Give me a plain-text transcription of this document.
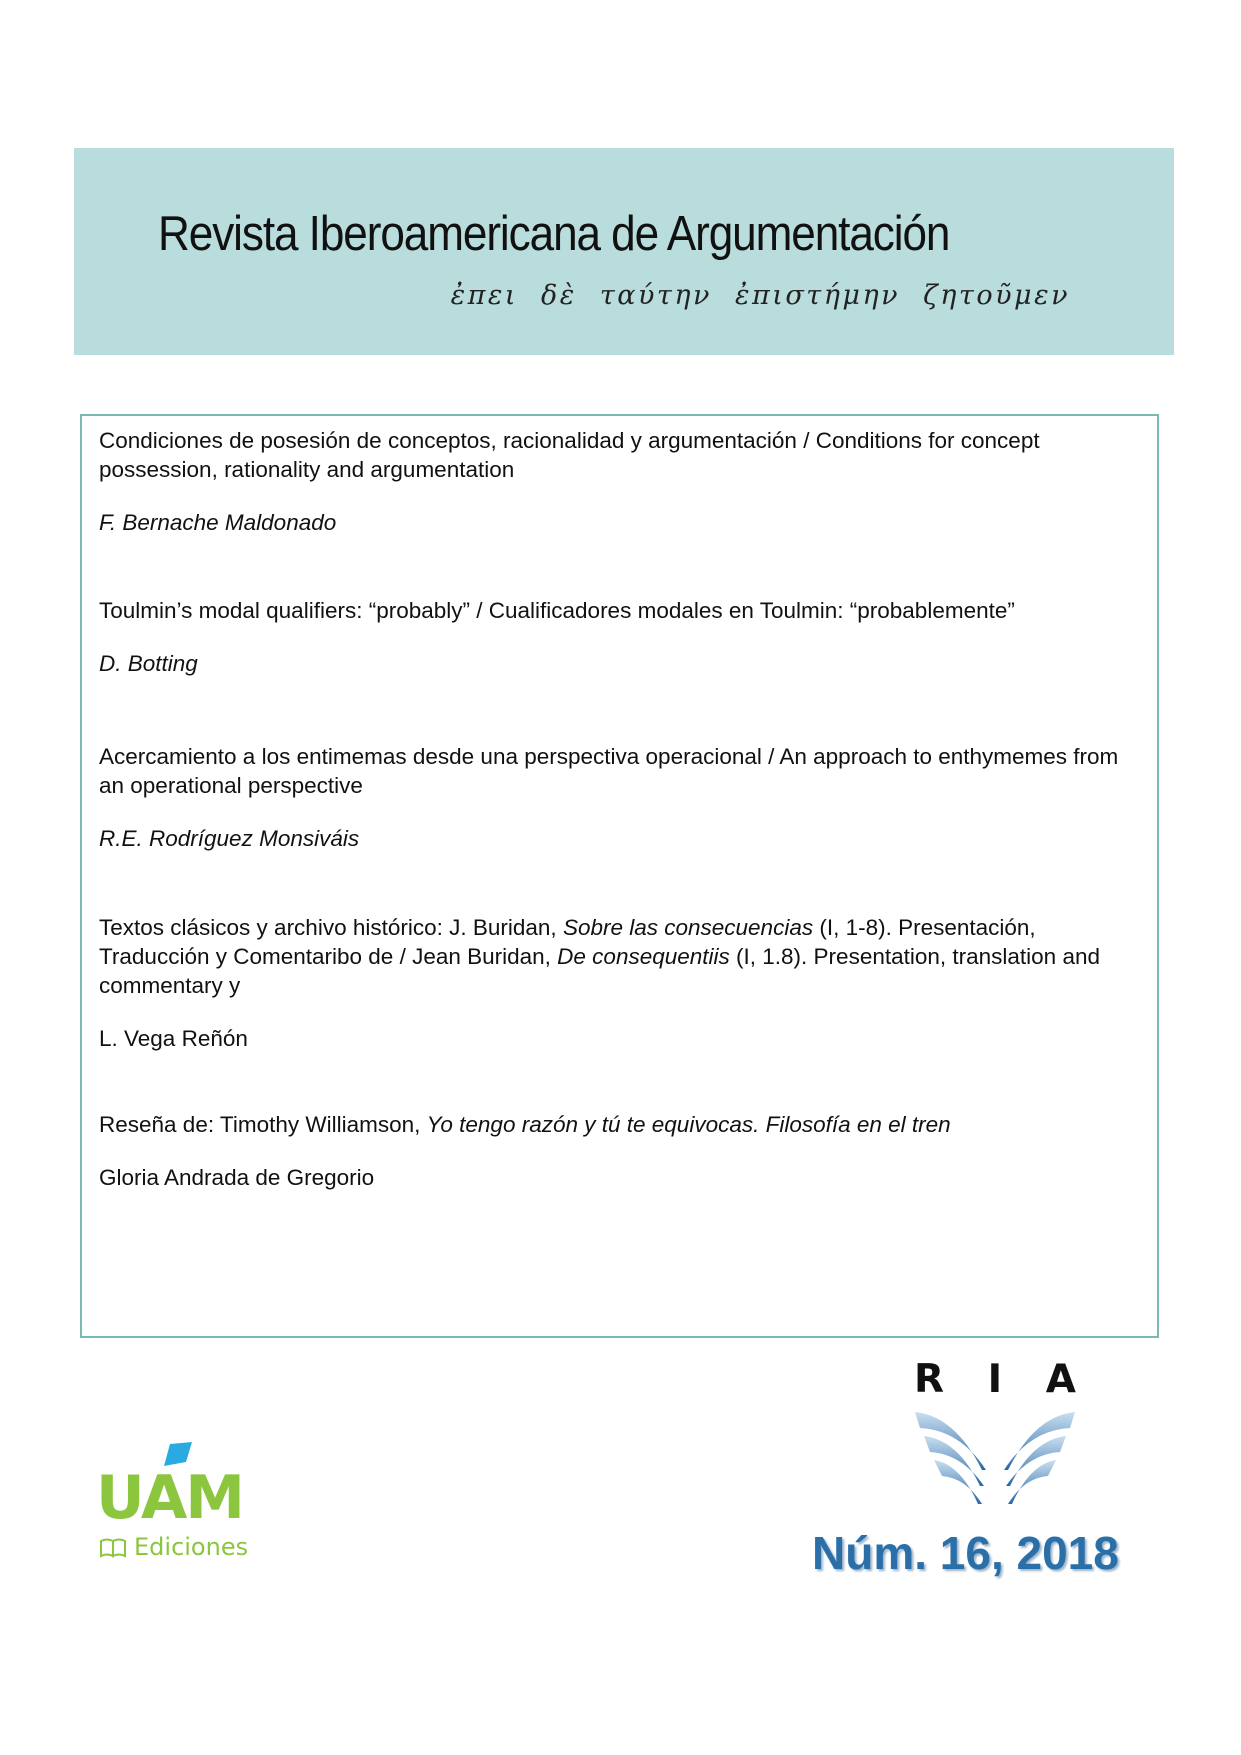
Revista Iberoamericana de Argumentación
ἐπει δὲ ταύτην ἐπιστήμην ζητοῦμεν

Condiciones de posesión de conceptos, racionalidad y argumentación / Conditions for concept possession, rationality and argumentation

F. Bernache Maldonado

Toulmin’s modal qualifiers: “probably” / Cualificadores modales en Toulmin: “probablemente”

D. Botting

Acercamiento a los entimemas desde una perspectiva operacional / An approach to enthymemes from an operational perspective

R.E. Rodríguez Monsiváis

Textos clásicos y archivo histórico: J. Buridan, Sobre las consecuencias (I, 1-8). Presentación, Traducción y Comentaribo de / Jean Buridan, De consequentiis (I, 1.8). Presentation, translation and commentary y

L. Vega Reñón

Reseña de: Timothy Williamson, Yo tengo razón y tú te equivocas. Filosofía en el tren

Gloria Andrada de Gregorio
UAM
Ediciones
R I A
Núm. 16, 2018
